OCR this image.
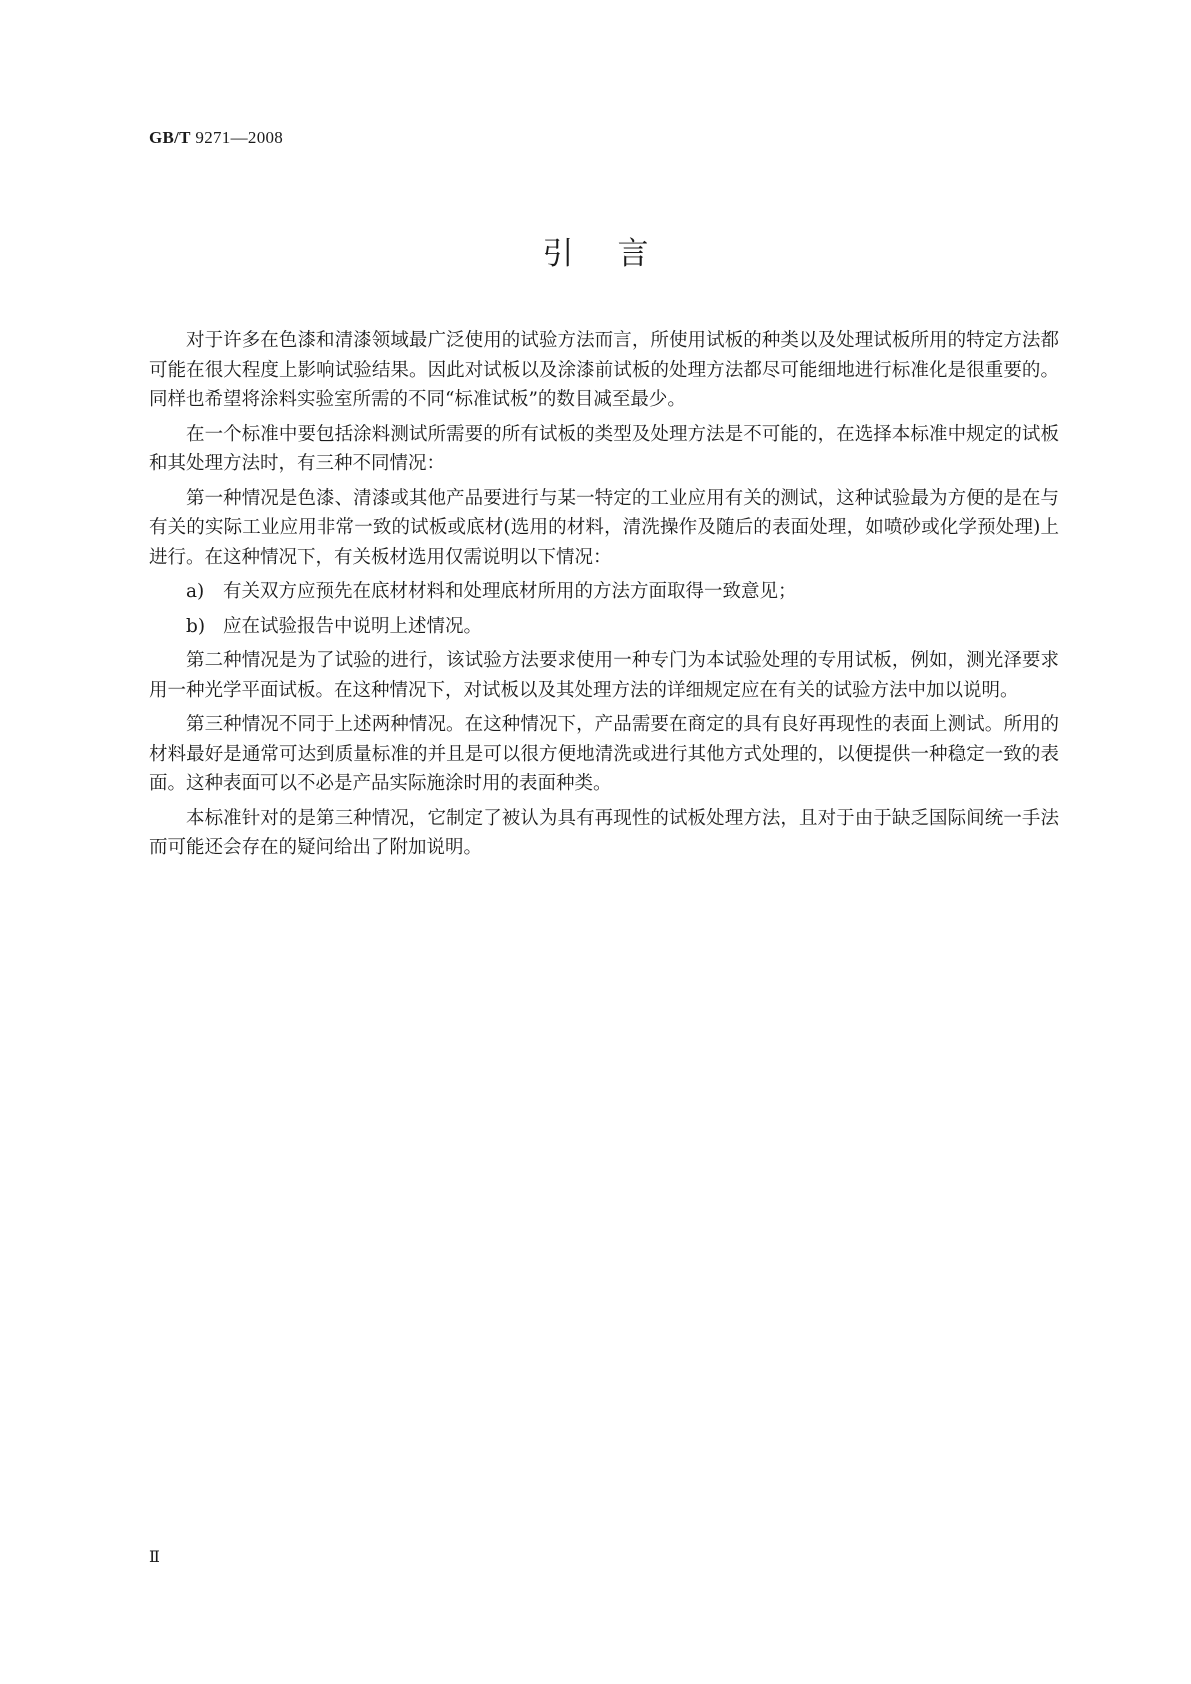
GB/T 9271—2008
引言

对于许多在色漆和清漆领域最广泛使用的试验方法而言，所使用试板的种类以及处理试板所用的特定方法都可能在很大程度上影响试验结果。因此对试板以及涂漆前试板的处理方法都尽可能细地进行标准化是很重要的。同样也希望将涂料实验室所需的不同“标准试板”的数目减至最少。

在一个标准中要包括涂料测试所需要的所有试板的类型及处理方法是不可能的，在选择本标准中规定的试板和其处理方法时，有三种不同情况：

第一种情况是色漆、清漆或其他产品要进行与某一特定的工业应用有关的测试，这种试验最为方便的是在与有关的实际工业应用非常一致的试板或底材(选用的材料，清洗操作及随后的表面处理，如喷砂或化学预处理)上进行。在这种情况下，有关板材选用仅需说明以下情况：

a) 有关双方应预先在底材材料和处理底材所用的方法方面取得一致意见；

b) 应在试验报告中说明上述情况。

第二种情况是为了试验的进行，该试验方法要求使用一种专门为本试验处理的专用试板，例如，测光泽要求用一种光学平面试板。在这种情况下，对试板以及其处理方法的详细规定应在有关的试验方法中加以说明。

第三种情况不同于上述两种情况。在这种情况下，产品需要在商定的具有良好再现性的表面上测试。所用的材料最好是通常可达到质量标准的并且是可以很方便地清洗或进行其他方式处理的，以便提供一种稳定一致的表面。这种表面可以不必是产品实际施涂时用的表面种类。

本标准针对的是第三种情况，它制定了被认为具有再现性的试板处理方法，且对于由于缺乏国际间统一手法而可能还会存在的疑问给出了附加说明。

Ⅱ
